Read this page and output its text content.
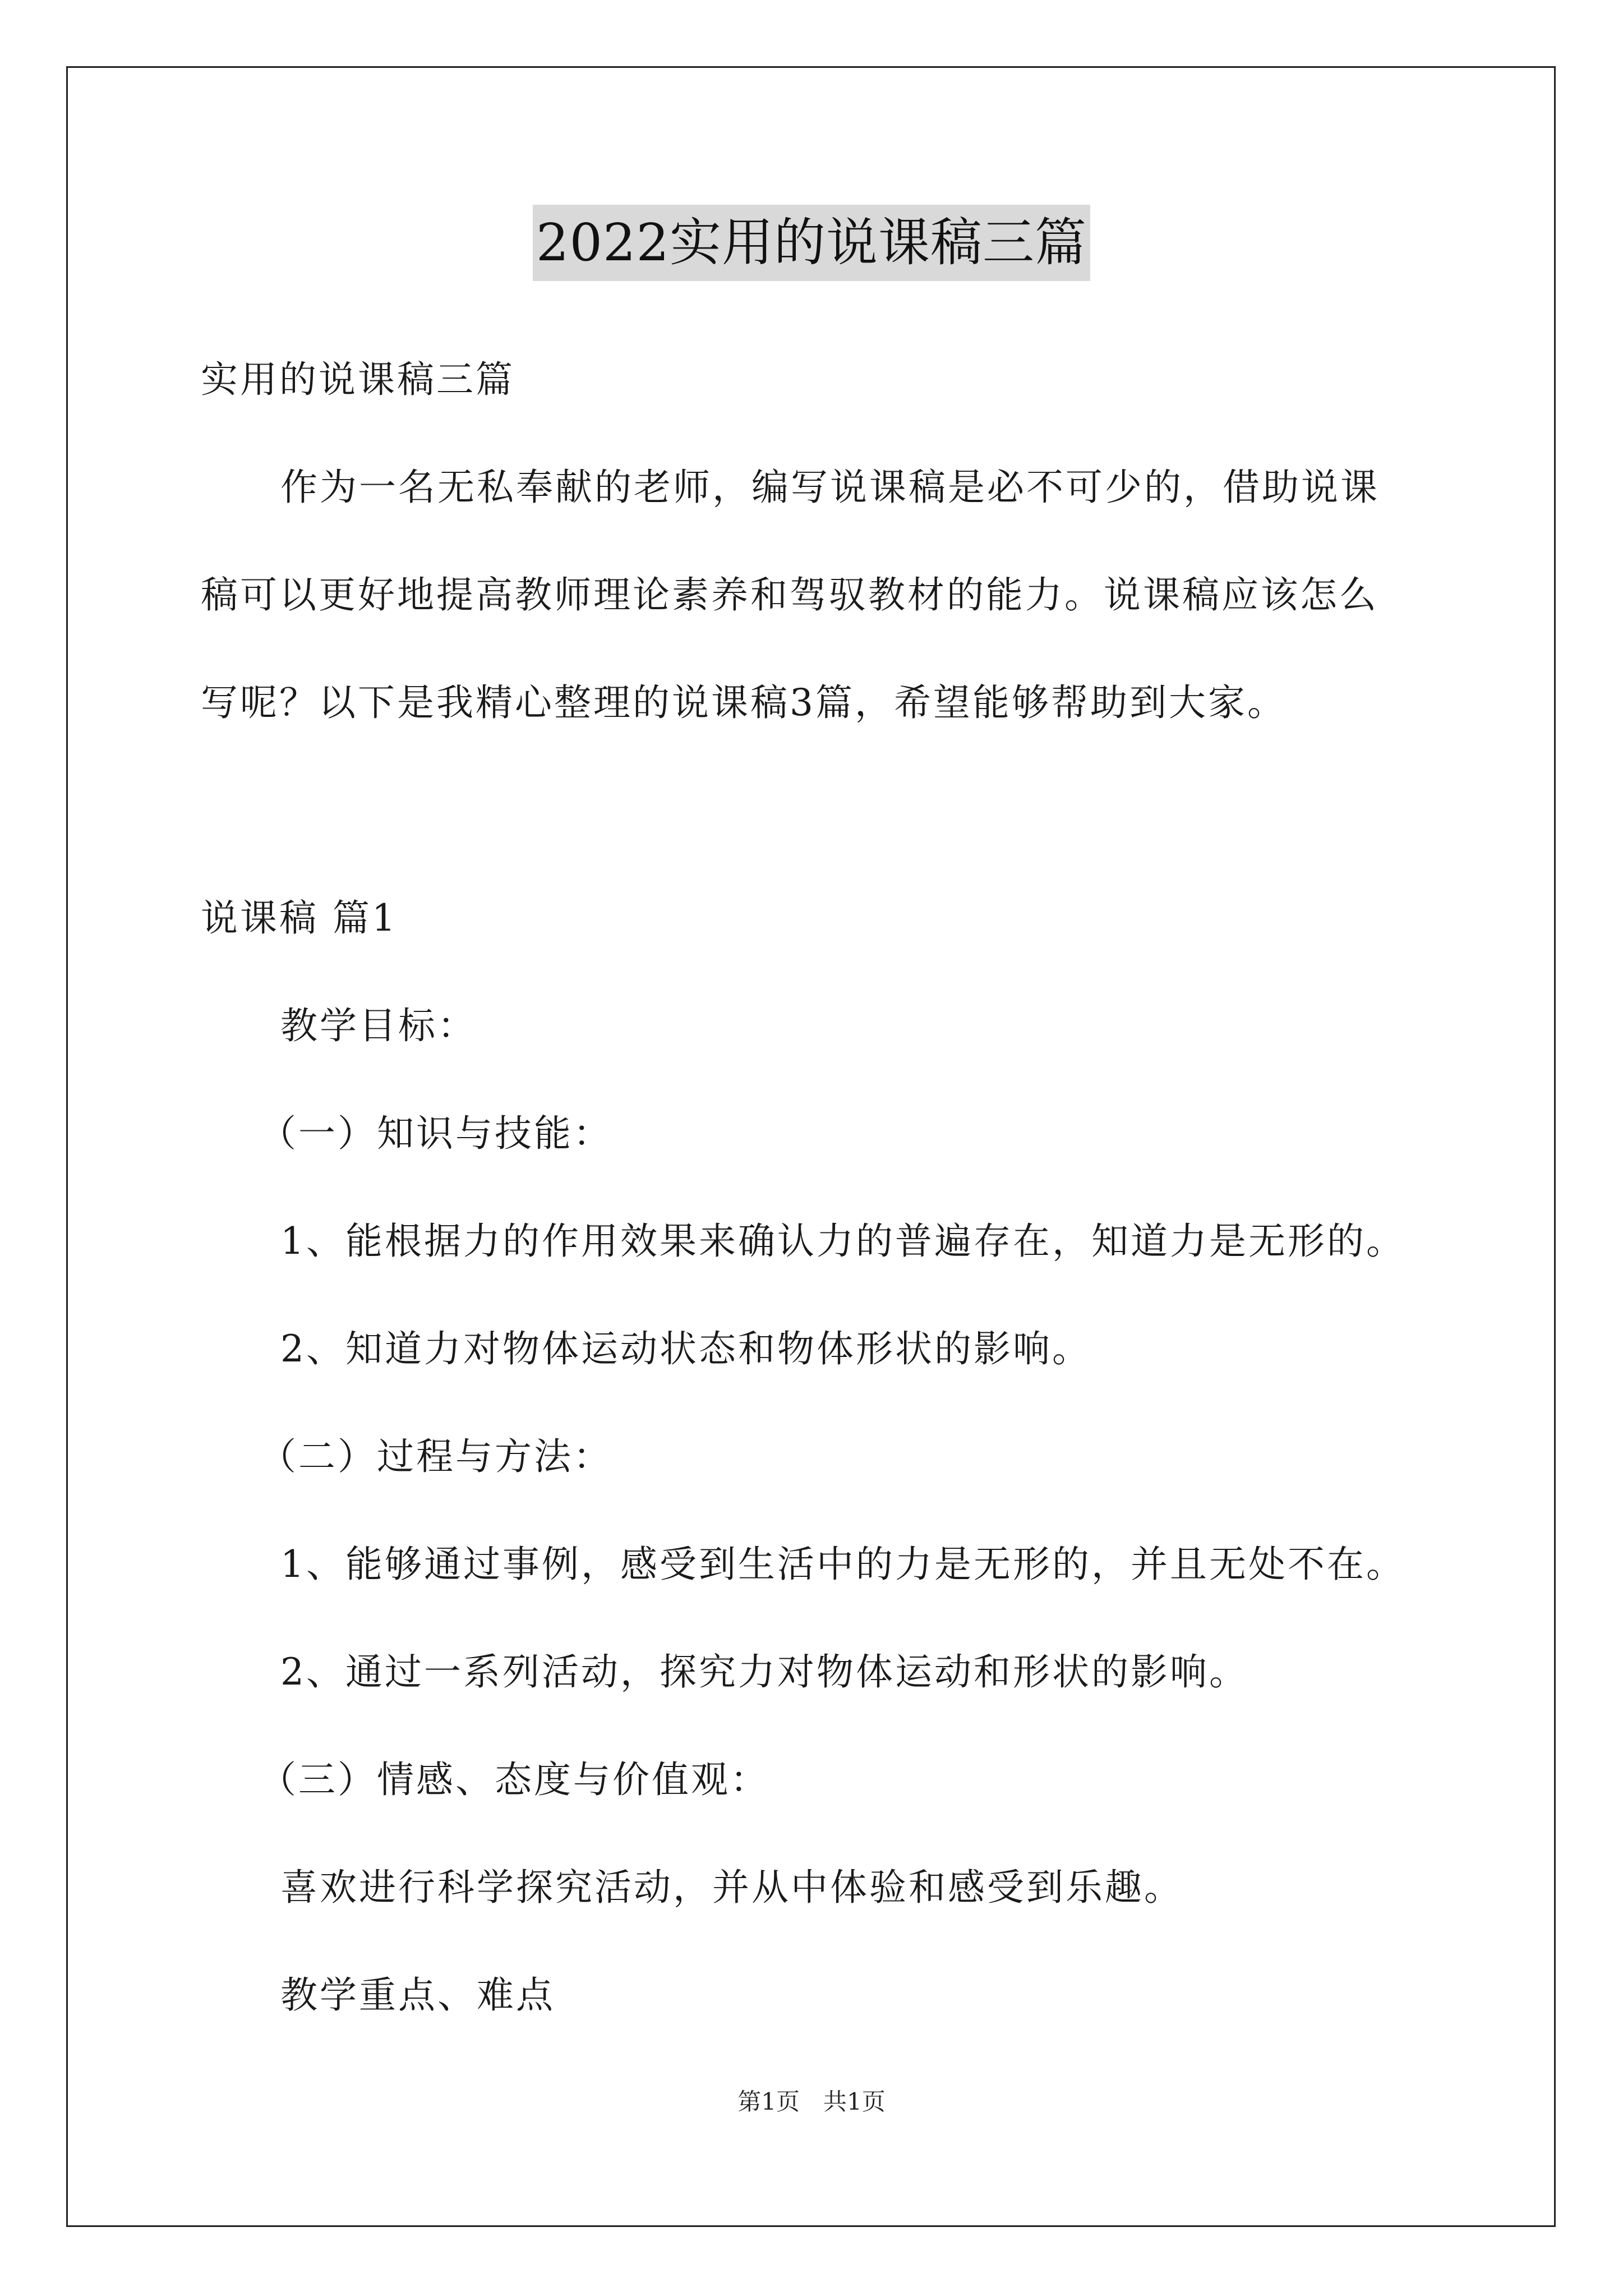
2022实用的说课稿三篇
实用的说课稿三篇
作为一名无私奉献的老师，编写说课稿是必不可少的，借助说课
稿可以更好地提高教师理论素养和驾驭教材的能力。说课稿应该怎么
写呢？以下是我精心整理的说课稿3篇，希望能够帮助到大家。
说课稿 篇1
教学目标：
（一）知识与技能：
1、能根据力的作用效果来确认力的普遍存在，知道力是无形的。
2、知道力对物体运动状态和物体形状的影响。
（二）过程与方法：
1、能够通过事例，感受到生活中的力是无形的，并且无处不在。
2、通过一系列活动，探究力对物体运动和形状的影响。
（三）情感、态度与价值观：
喜欢进行科学探究活动，并从中体验和感受到乐趣。
教学重点、难点
第1页　共1页
